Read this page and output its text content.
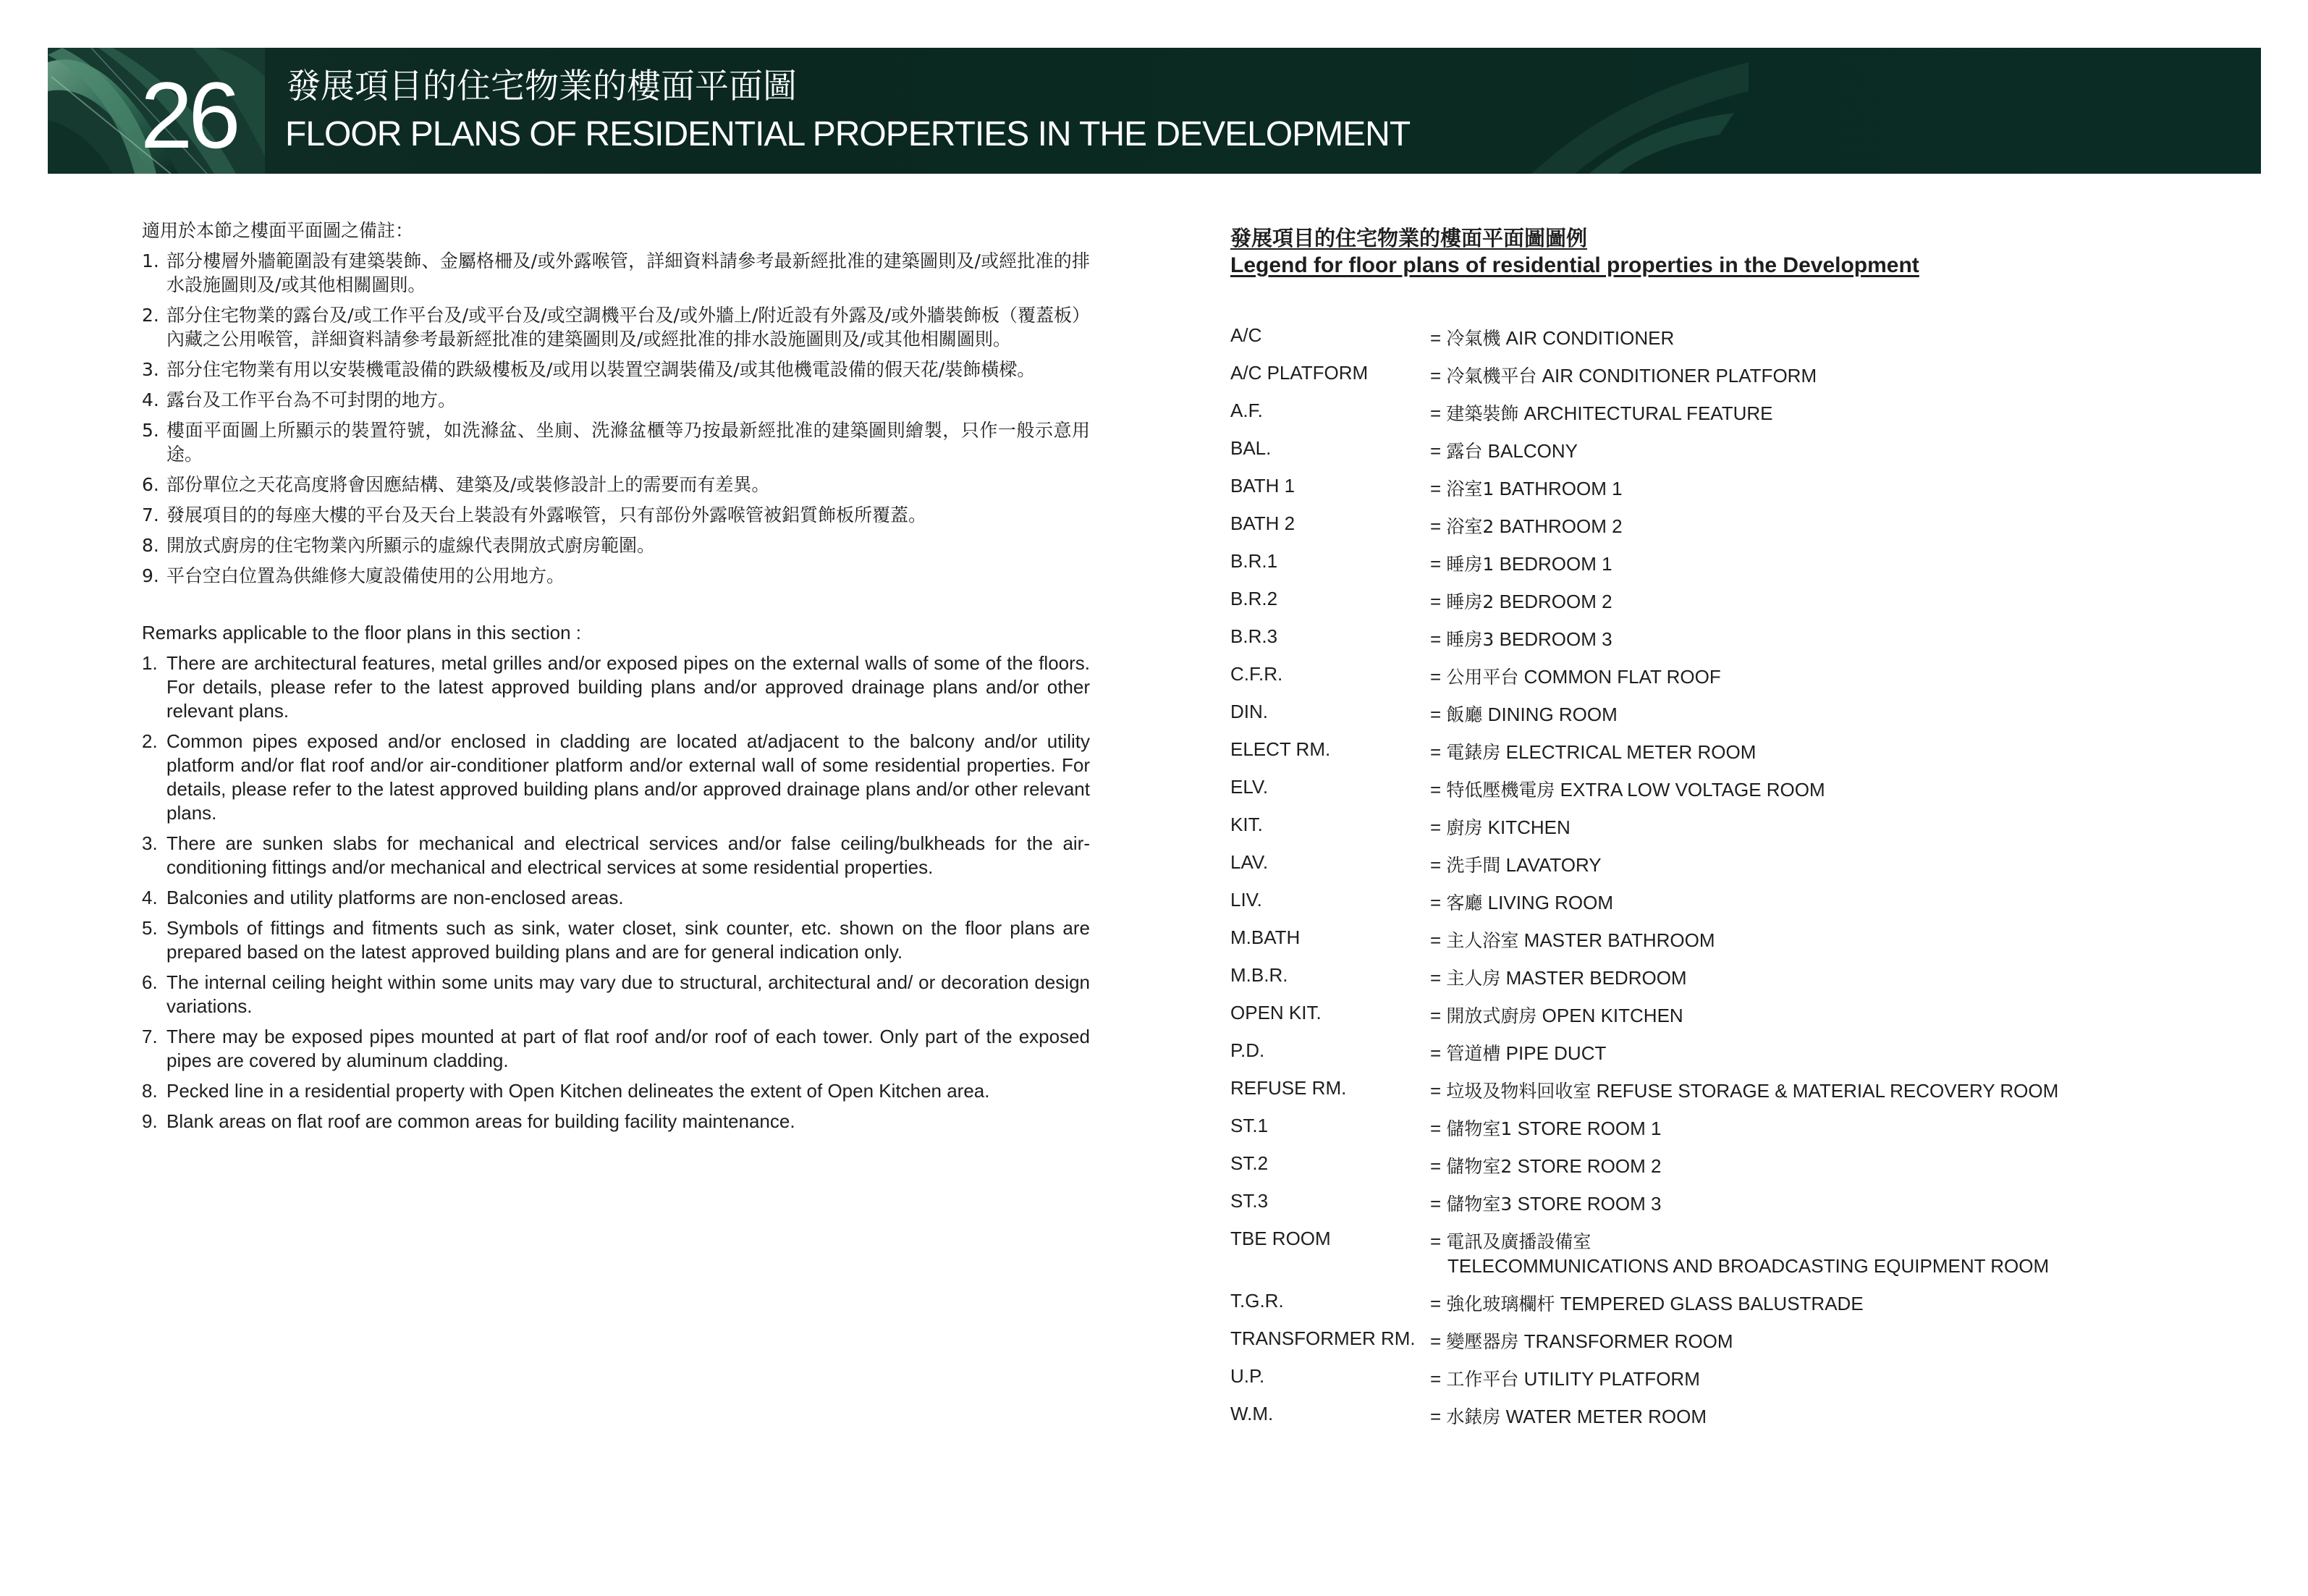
26 發展項目的住宅物業的樓面平面圖
FLOOR PLANS OF RESIDENTIAL PROPERTIES IN THE DEVELOPMENT
適用於本節之樓面平面圖之備註：
1. 部分樓層外牆範圍設有建築裝飾、金屬格柵及/或外露喉管，詳細資料請參考最新經批准的建築圖則及/或經批准的排水設施圖則及/或其他相關圖則。
2. 部分住宅物業的露台及/或工作平台及/或平台及/或空調機平台及/或外牆上/附近設有外露及/或外牆裝飾板（覆蓋板）內藏之公用喉管，詳細資料請參考最新經批准的建築圖則及/或經批准的排水設施圖則及/或其他相關圖則。
3. 部分住宅物業有用以安裝機電設備的跌級樓板及/或用以裝置空調裝備及/或其他機電設備的假天花/裝飾橫樑。
4. 露台及工作平台為不可封閉的地方。
5. 樓面平面圖上所顯示的裝置符號，如洗滌盆、坐廁、洗滌盆櫃等乃按最新經批准的建築圖則繪製，只作一般示意用途。
6. 部份單位之天花高度將會因應結構、建築及/或裝修設計上的需要而有差異。
7. 發展項目的的每座大樓的平台及天台上裝設有外露喉管，只有部份外露喉管被鋁質飾板所覆蓋。
8. 開放式廚房的住宅物業內所顯示的虛線代表開放式廚房範圍。
9. 平台空白位置為供維修大廈設備使用的公用地方。
Remarks applicable to the floor plans in this section :
1. There are architectural features, metal grilles and/or exposed pipes on the external walls of some of the floors. For details, please refer to the latest approved building plans and/or approved drainage plans and/or other relevant plans.
2. Common pipes exposed and/or enclosed in cladding are located at/adjacent to the balcony and/or utility platform and/or flat roof and/or air-conditioner platform and/or external wall of some residential properties. For details, please refer to the latest approved building plans and/or approved drainage plans and/or other relevant plans.
3. There are sunken slabs for mechanical and electrical services and/or false ceiling/bulkheads for the air-conditioning fittings and/or mechanical and electrical services at some residential properties.
4. Balconies and utility platforms are non-enclosed areas.
5. Symbols of fittings and fitments such as sink, water closet, sink counter, etc. shown on the floor plans are prepared based on the latest approved building plans and are for general indication only.
6. The internal ceiling height within some units may vary due to structural, architectural and/ or decoration design variations.
7. There may be exposed pipes mounted at part of flat roof and/or roof of each tower. Only part of the exposed pipes are covered by aluminum cladding.
8. Pecked line in a residential property with Open Kitchen delineates the extent of Open Kitchen area.
9. Blank areas on flat roof are common areas for building facility maintenance.
發展項目的住宅物業的樓面平面圖圖例
Legend for floor plans of residential properties in the Development
A/C	= 冷氣機 AIR CONDITIONER
A/C PLATFORM	= 冷氣機平台 AIR CONDITIONER PLATFORM
A.F.	= 建築裝飾 ARCHITECTURAL FEATURE
BAL.	= 露台 BALCONY
BATH 1	= 浴室1 BATHROOM 1
BATH 2	= 浴室2 BATHROOM 2
B.R.1	= 睡房1 BEDROOM 1
B.R.2	= 睡房2 BEDROOM 2
B.R.3	= 睡房3 BEDROOM 3
C.F.R.	= 公用平台 COMMON FLAT ROOF
DIN.	= 飯廳 DINING ROOM
ELECT RM.	= 電錶房 ELECTRICAL METER ROOM
ELV.	= 特低壓機電房 EXTRA LOW VOLTAGE ROOM
KIT.	= 廚房 KITCHEN
LAV.	= 洗手間 LAVATORY
LIV.	= 客廳 LIVING ROOM
M.BATH	= 主人浴室 MASTER BATHROOM
M.B.R.	= 主人房 MASTER BEDROOM
OPEN KIT.	= 開放式廚房 OPEN KITCHEN
P.D.	= 管道槽 PIPE DUCT
REFUSE RM.	= 垃圾及物料回收室 REFUSE STORAGE & MATERIAL RECOVERY ROOM
ST.1	= 儲物室1 STORE ROOM 1
ST.2	= 儲物室2 STORE ROOM 2
ST.3	= 儲物室3 STORE ROOM 3
TBE ROOM	= 電訊及廣播設備室
TELECOMMUNICATIONS AND BROADCASTING EQUIPMENT ROOM
T.G.R.	= 強化玻璃欄杆 TEMPERED GLASS BALUSTRADE
TRANSFORMER RM. = 變壓器房 TRANSFORMER ROOM
U.P.	= 工作平台 UTILITY PLATFORM
W.M.	= 水錶房 WATER METER ROOM
